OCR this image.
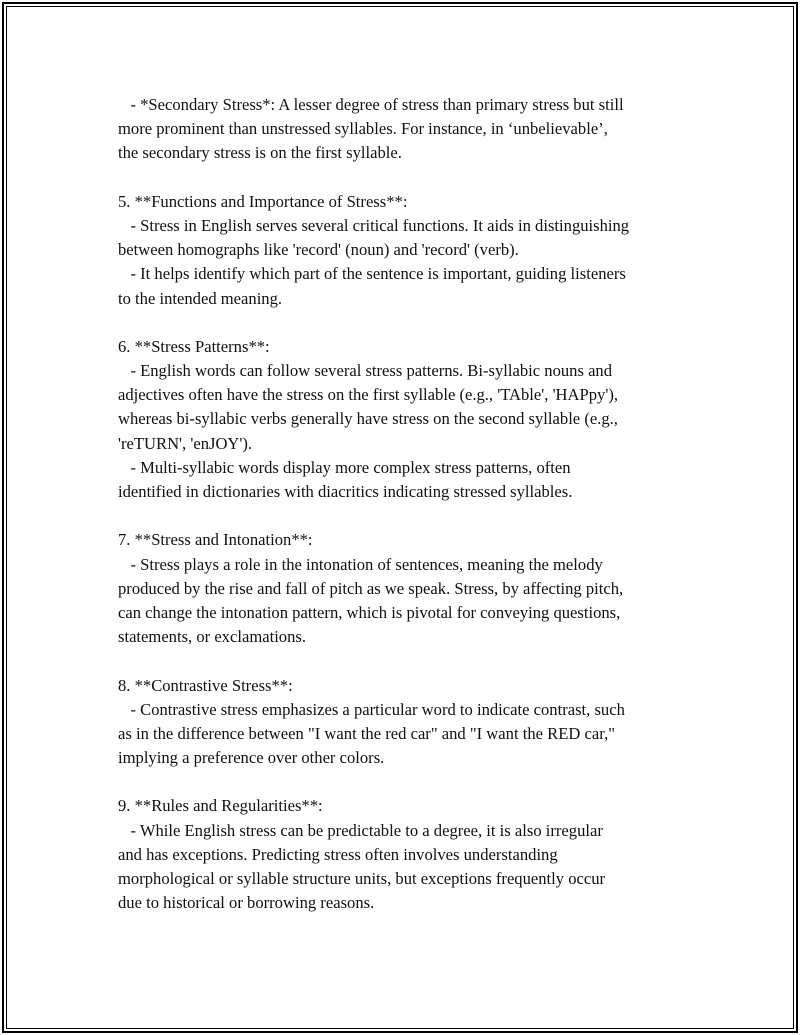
- *Secondary Stress*: A lesser degree of stress than primary stress but still
more prominent than unstressed syllables. For instance, in ‘unbelievable’,
the secondary stress is on the first syllable.
5. **Functions and Importance of Stress**:
- Stress in English serves several critical functions. It aids in distinguishing
between homographs like 'record' (noun) and 'record' (verb).
- It helps identify which part of the sentence is important, guiding listeners
to the intended meaning.
6. **Stress Patterns**:
- English words can follow several stress patterns. Bi-syllabic nouns and
adjectives often have the stress on the first syllable (e.g., 'TAble', 'HAPpy'),
whereas bi-syllabic verbs generally have stress on the second syllable (e.g.,
'reTURN', 'enJOY').
- Multi-syllabic words display more complex stress patterns, often
identified in dictionaries with diacritics indicating stressed syllables.
7. **Stress and Intonation**:
- Stress plays a role in the intonation of sentences, meaning the melody
produced by the rise and fall of pitch as we speak. Stress, by affecting pitch,
can change the intonation pattern, which is pivotal for conveying questions,
statements, or exclamations.
8. **Contrastive Stress**:
- Contrastive stress emphasizes a particular word to indicate contrast, such
as in the difference between "I want the red car" and "I want the RED car,"
implying a preference over other colors.
9. **Rules and Regularities**:
- While English stress can be predictable to a degree, it is also irregular
and has exceptions. Predicting stress often involves understanding
morphological or syllable structure units, but exceptions frequently occur
due to historical or borrowing reasons.
